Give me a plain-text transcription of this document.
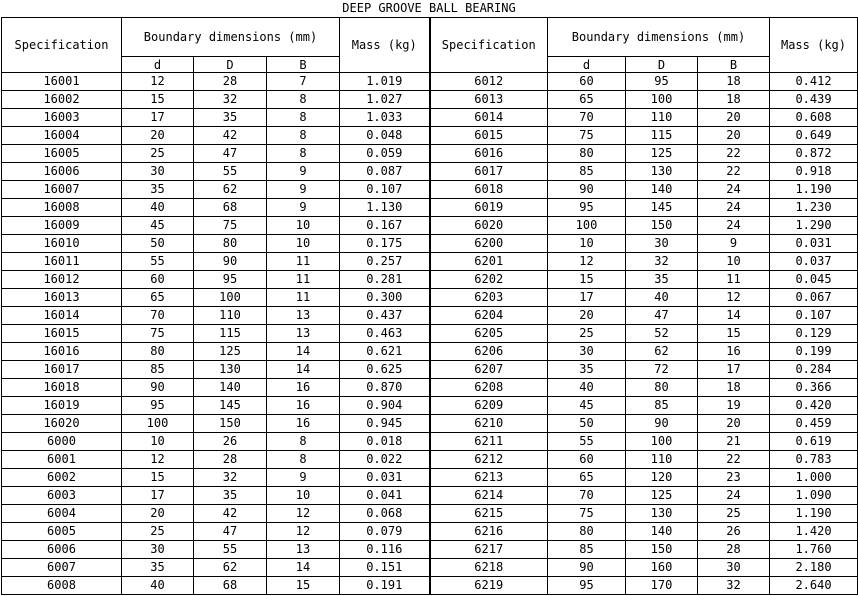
DEEP GROOVE BALL BEARING
Specification	Boundary dimensions (mm)			Mass (kg)	Specification	Boundary dimensions (mm)			Mass (kg)
	d	D	B			d	D	B	
16001	12	28	7	1.019	6012	60	95	18	0.412
16002	15	32	8	1.027	6013	65	100	18	0.439
16003	17	35	8	1.033	6014	70	110	20	0.608
16004	20	42	8	0.048	6015	75	115	20	0.649
16005	25	47	8	0.059	6016	80	125	22	0.872
16006	30	55	9	0.087	6017	85	130	22	0.918
16007	35	62	9	0.107	6018	90	140	24	1.190
16008	40	68	9	1.130	6019	95	145	24	1.230
16009	45	75	10	0.167	6020	100	150	24	1.290
16010	50	80	10	0.175	6200	10	30	9	0.031
16011	55	90	11	0.257	6201	12	32	10	0.037
16012	60	95	11	0.281	6202	15	35	11	0.045
16013	65	100	11	0.300	6203	17	40	12	0.067
16014	70	110	13	0.437	6204	20	47	14	0.107
16015	75	115	13	0.463	6205	25	52	15	0.129
16016	80	125	14	0.621	6206	30	62	16	0.199
16017	85	130	14	0.625	6207	35	72	17	0.284
16018	90	140	16	0.870	6208	40	80	18	0.366
16019	95	145	16	0.904	6209	45	85	19	0.420
16020	100	150	16	0.945	6210	50	90	20	0.459
6000	10	26	8	0.018	6211	55	100	21	0.619
6001	12	28	8	0.022	6212	60	110	22	0.783
6002	15	32	9	0.031	6213	65	120	23	1.000
6003	17	35	10	0.041	6214	70	125	24	1.090
6004	20	42	12	0.068	6215	75	130	25	1.190
6005	25	47	12	0.079	6216	80	140	26	1.420
6006	30	55	13	0.116	6217	85	150	28	1.760
6007	35	62	14	0.151	6218	90	160	30	2.180
6008	40	68	15	0.191	6219	95	170	32	2.640
